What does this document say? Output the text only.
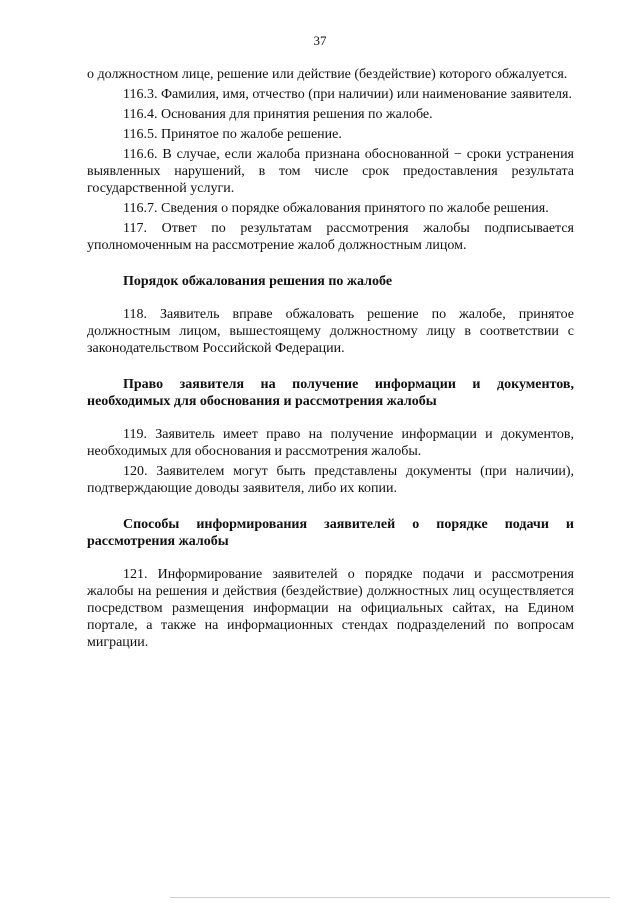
37

о должностном лице, решение или действие (бездействие) которого обжалуется.

116.3. Фамилия, имя, отчество (при наличии) или наименование заявителя.

116.4. Основания для принятия решения по жалобе.

116.5. Принятое по жалобе решение.

116.6. В случае, если жалоба признана обоснованной − сроки устранения выявленных нарушений, в том числе срок предоставления результата государственной услуги.

116.7. Сведения о порядке обжалования принятого по жалобе решения.

117. Ответ по результатам рассмотрения жалобы подписывается уполномоченным на рассмотрение жалоб должностным лицом.

Порядок обжалования решения по жалобе

118. Заявитель вправе обжаловать решение по жалобе, принятое должностным лицом, вышестоящему должностному лицу в соответствии с законодательством Российской Федерации.

Право заявителя на получение информации и документов, необходимых для обоснования и рассмотрения жалобы

119. Заявитель имеет право на получение информации и документов, необходимых для обоснования и рассмотрения жалобы.

120. Заявителем могут быть представлены документы (при наличии), подтверждающие доводы заявителя, либо их копии.

Способы информирования заявителей о порядке подачи и рассмотрения жалобы

121. Информирование заявителей о порядке подачи и рассмотрения жалобы на решения и действия (бездействие) должностных лиц осуществляется посредством размещения информации на официальных сайтах, на Едином портале, а также на информационных стендах подразделений по вопросам миграции.
